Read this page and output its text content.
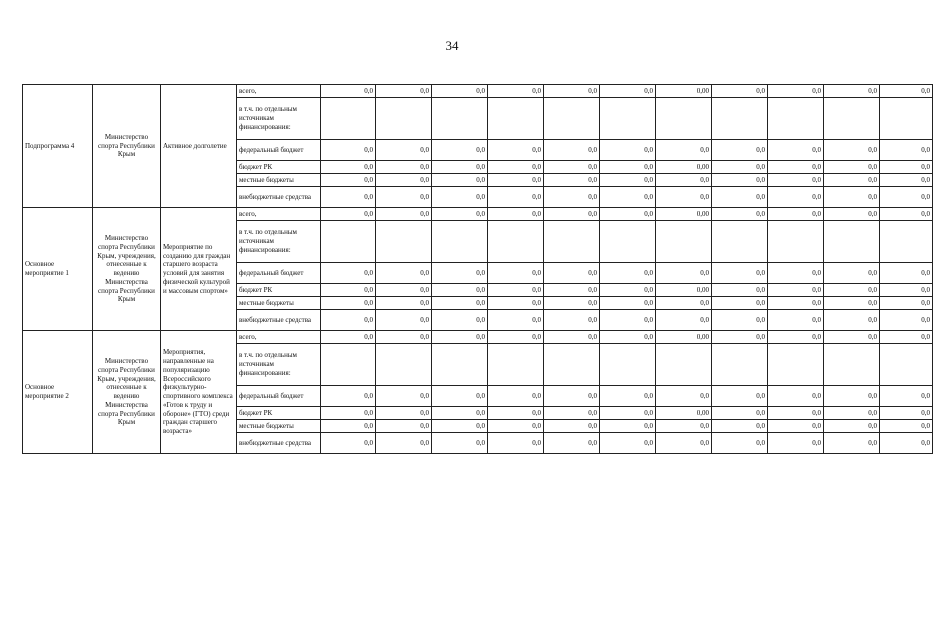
34
Подпрограмма 4	Министерство спорта Республики Крым	Активное долголетие	всего,	0,0	0,0	0,0	0,0	0,0	0,0	0,00	0,0	0,0	0,0	0,0
			в т.ч. по отдельным источникам финансирования:											
			федеральный бюджет	0,0	0,0	0,0	0,0	0,0	0,0	0,0	0,0	0,0	0,0	0,0
			бюджет РК	0,0	0,0	0,0	0,0	0,0	0,0	0,00	0,0	0,0	0,0	0,0
			местные бюджеты	0,0	0,0	0,0	0,0	0,0	0,0	0,0	0,0	0,0	0,0	0,0
			внебюджетные средства	0,0	0,0	0,0	0,0	0,0	0,0	0,0	0,0	0,0	0,0	0,0
Основное мероприятие 1	Министерство спорта Республики Крым, учреждения, отнесенные к ведению Министерства спорта Республики Крым	Мероприятие по созданию для граждан старшего возраста условий для занятия физической культурой и массовым спортом»	всего,	0,0	0,0	0,0	0,0	0,0	0,0	0,00	0,0	0,0	0,0	0,0
			в т.ч. по отдельным источникам финансирования:											
			федеральный бюджет	0,0	0,0	0,0	0,0	0,0	0,0	0,0	0,0	0,0	0,0	0,0
			бюджет РК	0,0	0,0	0,0	0,0	0,0	0,0	0,00	0,0	0,0	0,0	0,0
			местные бюджеты	0,0	0,0	0,0	0,0	0,0	0,0	0,0	0,0	0,0	0,0	0,0
			внебюджетные средства	0,0	0,0	0,0	0,0	0,0	0,0	0,0	0,0	0,0	0,0	0,0
Основное мероприятие 2	Министерство спорта Республики Крым, учреждения, отнесенные к ведению Министерства спорта Республики Крым	Мероприятия, направленные на популяризацию Всероссийского физкультурно-спортивного комплекса «Готов к труду и обороне» (ГТО) среди граждан старшего возраста»	всего,	0,0	0,0	0,0	0,0	0,0	0,0	0,00	0,0	0,0	0,0	0,0
			в т.ч. по отдельным источникам финансирования:											
			федеральный бюджет	0,0	0,0	0,0	0,0	0,0	0,0	0,0	0,0	0,0	0,0	0,0
			бюджет РК	0,0	0,0	0,0	0,0	0,0	0,0	0,00	0,0	0,0	0,0	0,0
			местные бюджеты	0,0	0,0	0,0	0,0	0,0	0,0	0,0	0,0	0,0	0,0	0,0
			внебюджетные средства	0,0	0,0	0,0	0,0	0,0	0,0	0,0	0,0	0,0	0,0	0,0
